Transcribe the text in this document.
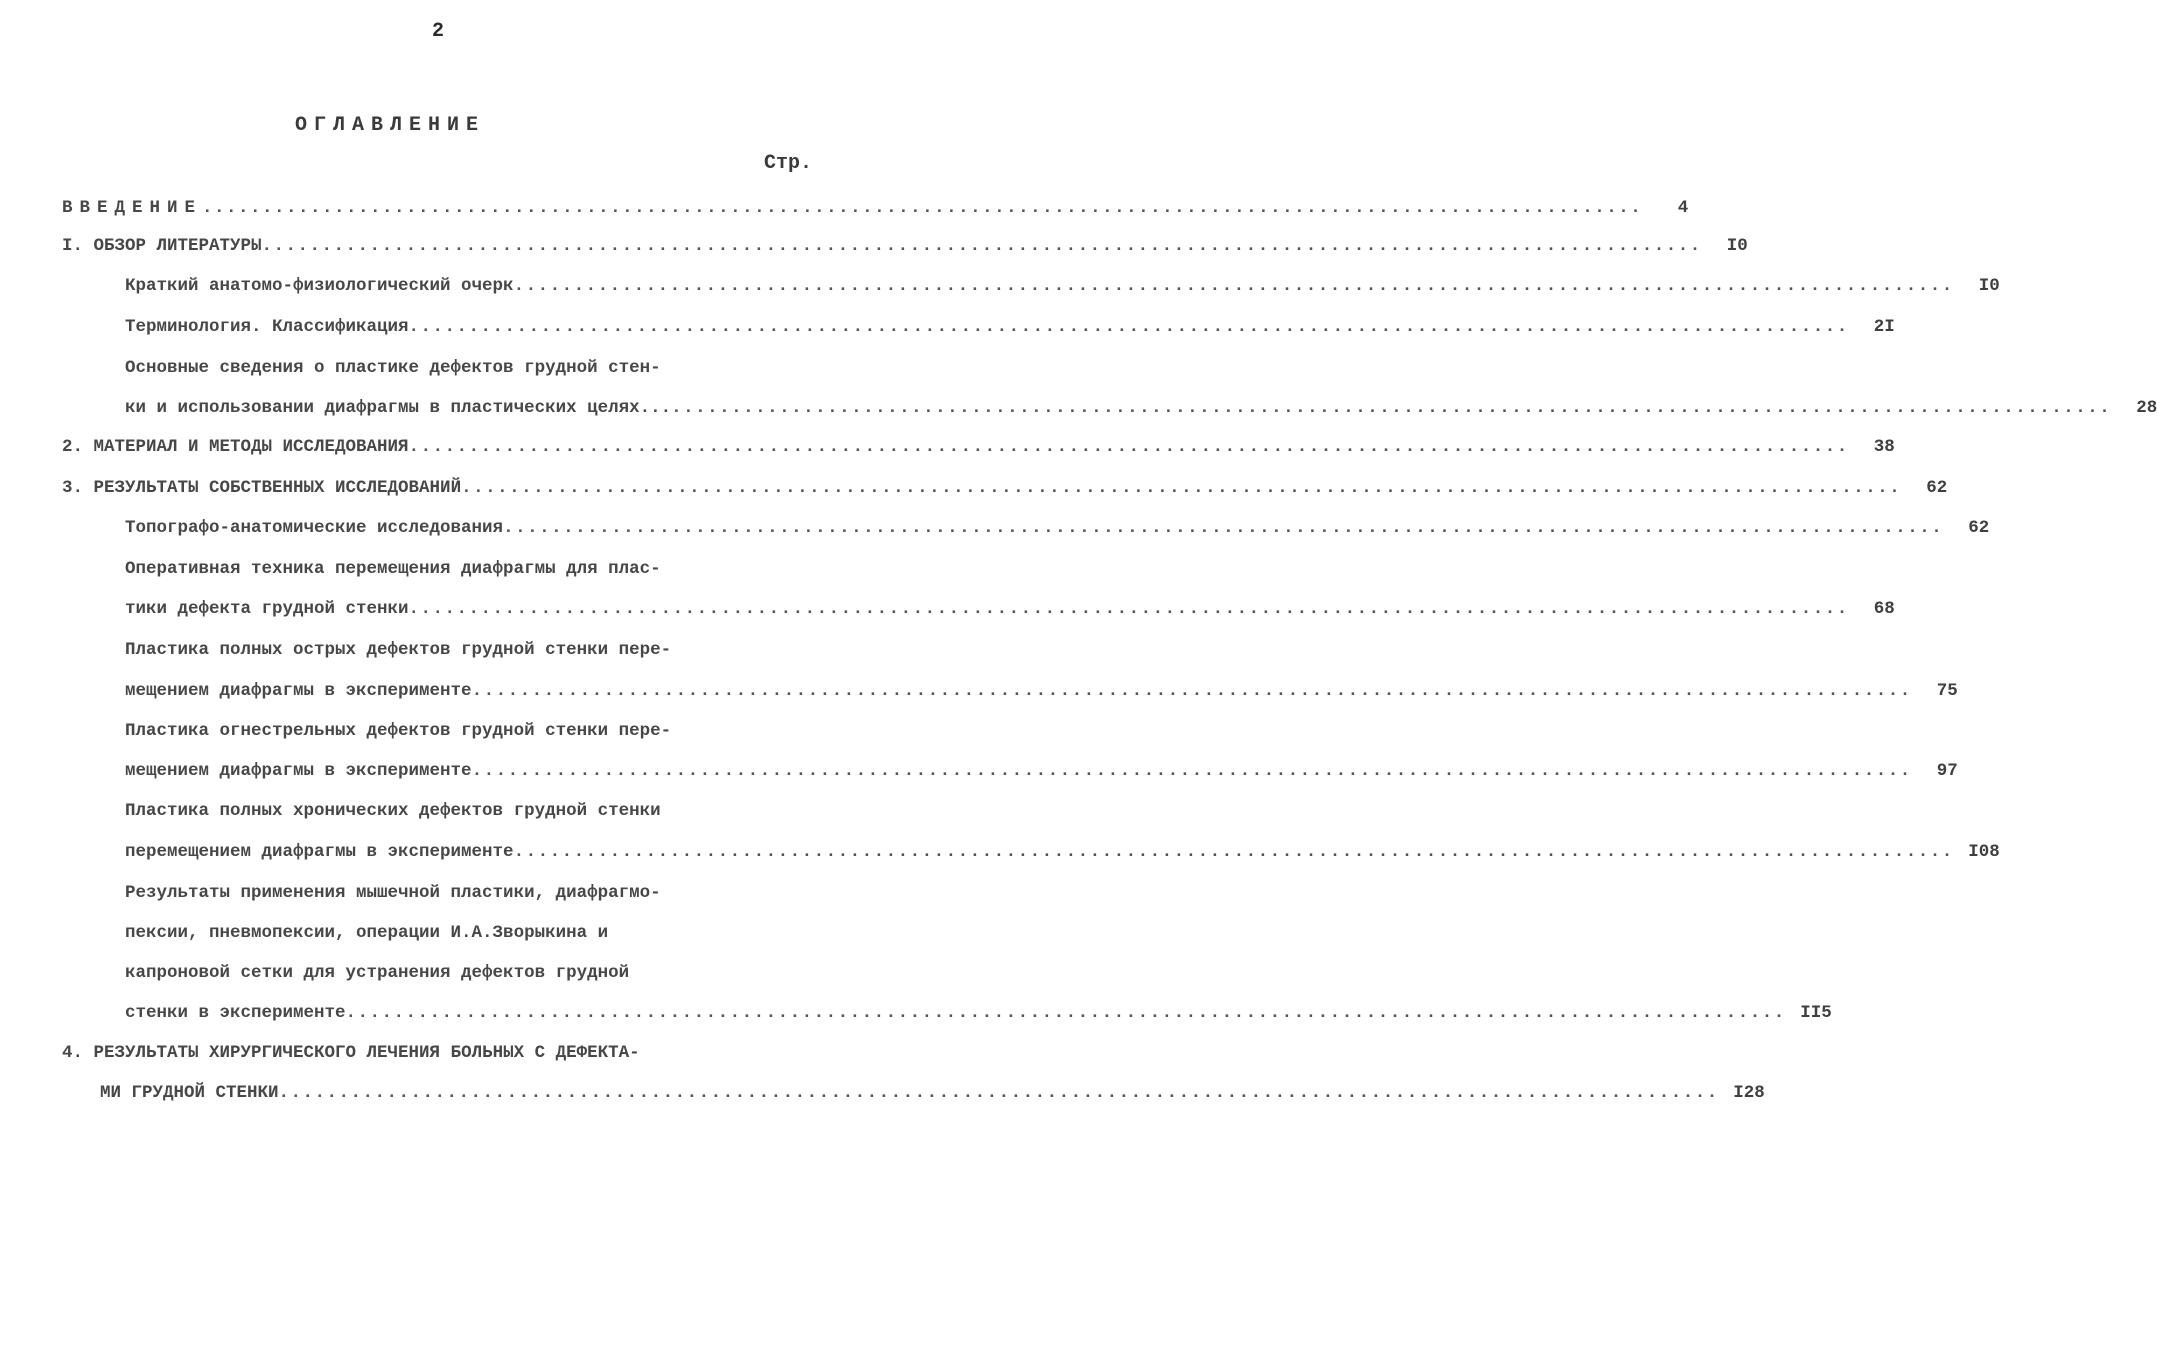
2
ОГЛАВЛЕНИЕ
Стр.
ВВЕДЕНИЕ ........................................................................................................................	4
I. ОБЗОР ЛИТЕРАТУРЫ ........................................................................................................................	I0
Краткий анатомо-физиологический очерк ........................................................................................................................	I0
Терминология. Классификация ........................................................................................................................	2I
Основные сведения о пластике дефектов грудной стен-
ки и использовании диафрагмы в пластических целях... ........................................................................................................................	28
2. МАТЕРИАЛ И МЕТОДЫ ИССЛЕДОВАНИЯ ........................................................................................................................	38
3. РЕЗУЛЬТАТЫ СОБСТВЕННЫХ ИССЛЕДОВАНИЙ ........................................................................................................................	62
Топографо-анатомические исследования ........................................................................................................................	62
Оперативная техника перемещения диафрагмы для плас-
тики дефекта грудной стенки ........................................................................................................................	68
Пластика полных острых дефектов грудной стенки пере-
мещением диафрагмы в эксперименте ........................................................................................................................	75
Пластика огнестрельных дефектов грудной стенки пере-
мещением диафрагмы в эксперименте ........................................................................................................................	97
Пластика полных хронических дефектов грудной стенки
перемещением диафрагмы в эксперименте ........................................................................................................................ I08
Результаты применения мышечной пластики, диафрагмо-
пексии, пневмопексии, операции И.А.Зворыкина и
капроновой сетки для устранения дефектов грудной
стенки в эксперименте ........................................................................................................................ II5
4. РЕЗУЛЬТАТЫ ХИРУРГИЧЕСКОГО ЛЕЧЕНИЯ БОЛЬНЫХ С ДЕФЕКТА-
МИ ГРУДНОЙ СТЕНКИ ........................................................................................................................ I28
